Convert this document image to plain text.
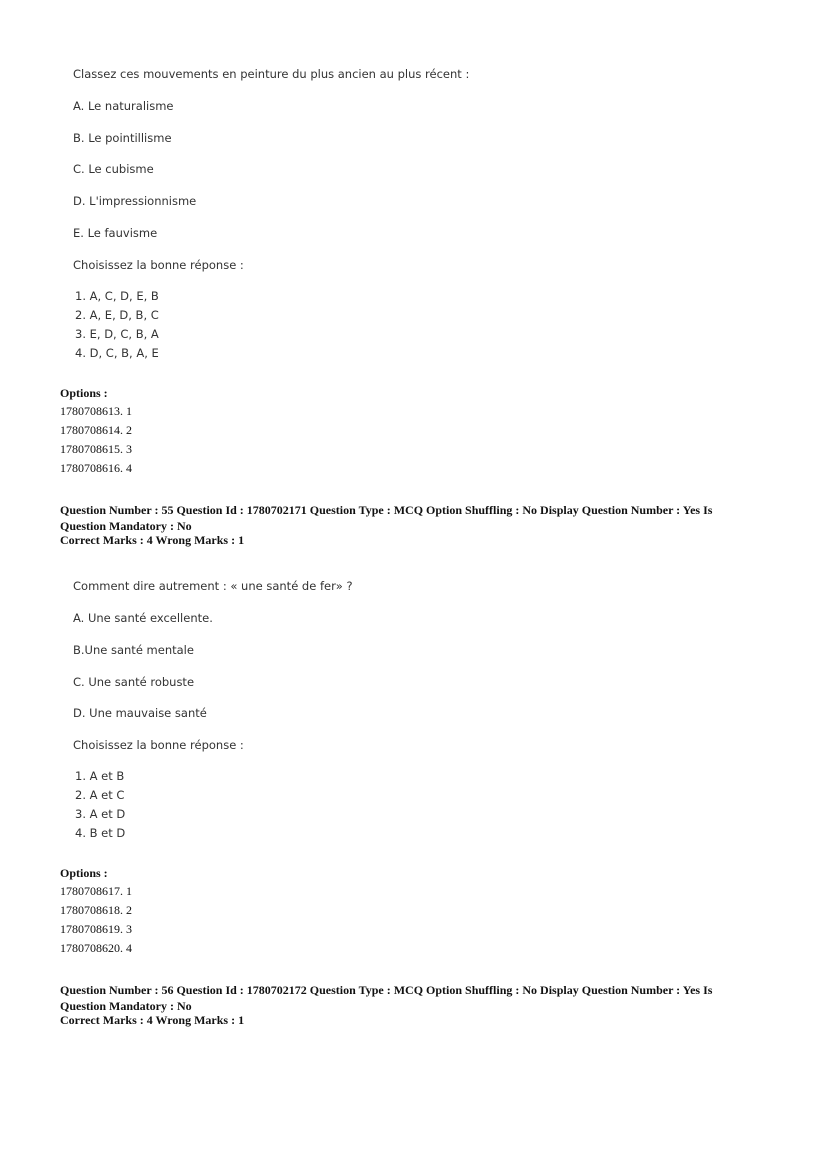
Classez ces mouvements en peinture du plus ancien au plus récent :
A. Le naturalisme
B. Le pointillisme
C. Le cubisme
D. L'impressionnisme
E. Le fauvisme
Choisissez la bonne réponse :
1. A, C, D, E, B
2. A, E, D, B, C
3. E, D, C, B, A
4. D, C, B, A, E
Options :
1780708613. 1
1780708614. 2
1780708615. 3
1780708616. 4
Question Number : 55 Question Id : 1780702171 Question Type : MCQ Option Shuffling : No Display Question Number : Yes Is Question Mandatory : No
Correct Marks : 4 Wrong Marks : 1
Comment dire autrement : « une santé de fer» ?
A. Une santé excellente.
B.Une santé mentale
C. Une santé robuste
D. Une mauvaise santé
Choisissez la bonne réponse :
1. A et B
2. A et C
3. A et D
4. B et D
Options :
1780708617. 1
1780708618. 2
1780708619. 3
1780708620. 4
Question Number : 56 Question Id : 1780702172 Question Type : MCQ Option Shuffling : No Display Question Number : Yes Is Question Mandatory : No
Correct Marks : 4 Wrong Marks : 1
